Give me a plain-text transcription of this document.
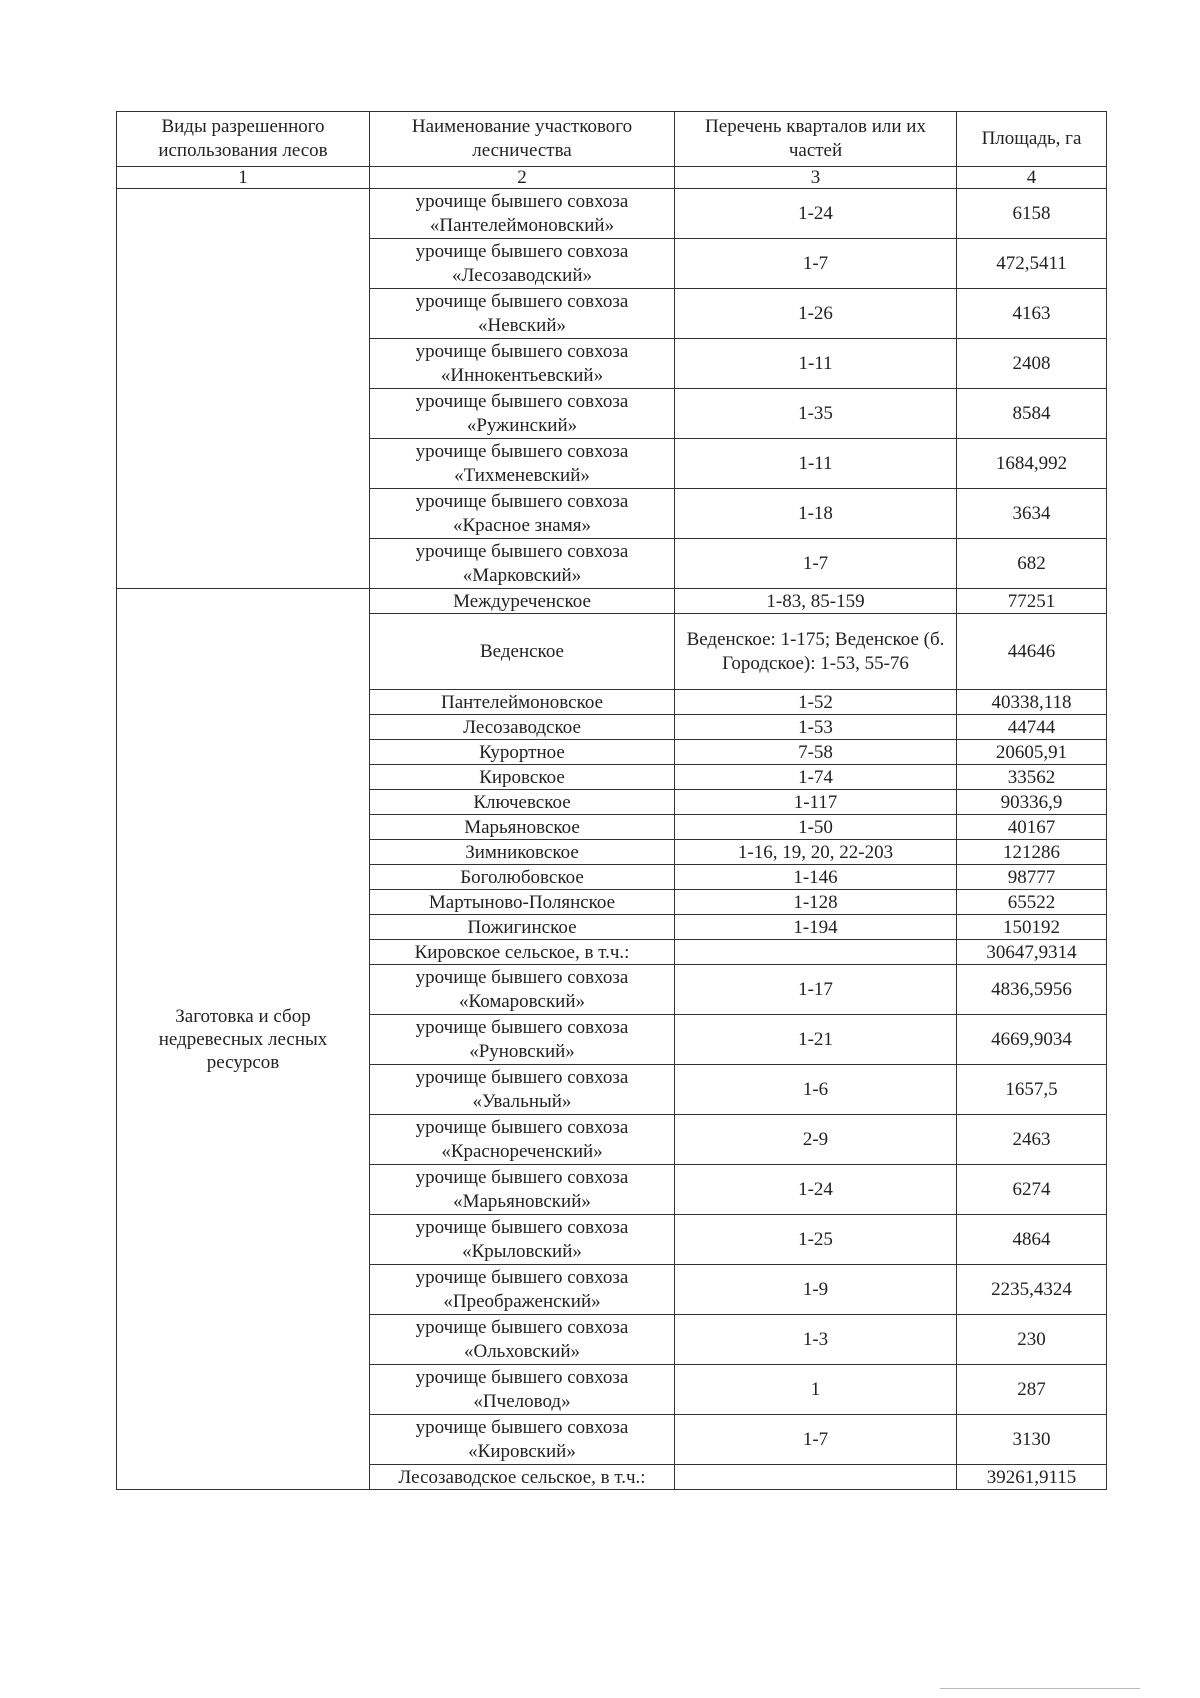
Виды разрешенного использования лесов	Наименование участкового лесничества	Перечень кварталов или их частей	Площадь, га
1	2	3	4
	урочище бывшего совхоза «Пантелеймоновский»	1-24	6158
	урочище бывшего совхоза «Лесозаводский»	1-7	472,5411
	урочище бывшего совхоза «Невский»	1-26	4163
	урочище бывшего совхоза «Иннокентьевский»	1-11	2408
	урочище бывшего совхоза «Ружинский»	1-35	8584
	урочище бывшего совхоза «Тихменевский»	1-11	1684,992
	урочище бывшего совхоза «Красное знамя»	1-18	3634
	урочище бывшего совхоза «Марковский»	1-7	682
Заготовка и сбор недревесных лесных ресурсов	Междуреченское	1-83, 85-159	77251
	Веденское	Веденское: 1-175; Веденское (б. Городское): 1-53, 55-76	44646
	Пантелеймоновское	1-52	40338,118
	Лесозаводское	1-53	44744
	Курортное	7-58	20605,91
	Кировское	1-74	33562
	Ключевское	1-117	90336,9
	Марьяновское	1-50	40167
	Зимниковское	1-16, 19, 20, 22-203	121286
	Боголюбовское	1-146	98777
	Мартыново-Полянское	1-128	65522
	Пожигинское	1-194	150192
	Кировское сельское, в т.ч.:		30647,9314
	урочище бывшего совхоза «Комаровский»	1-17	4836,5956
	урочище бывшего совхоза «Руновский»	1-21	4669,9034
	урочище бывшего совхоза «Увальный»	1-6	1657,5
	урочище бывшего совхоза «Краснореченский»	2-9	2463
	урочище бывшего совхоза «Марьяновский»	1-24	6274
	урочище бывшего совхоза «Крыловский»	1-25	4864
	урочище бывшего совхоза «Преображенский»	1-9	2235,4324
	урочище бывшего совхоза «Ольховский»	1-3	230
	урочище бывшего совхоза «Пчеловод»	1	287
	урочище бывшего совхоза «Кировский»	1-7	3130
	Лесозаводское сельское, в т.ч.:		39261,9115
